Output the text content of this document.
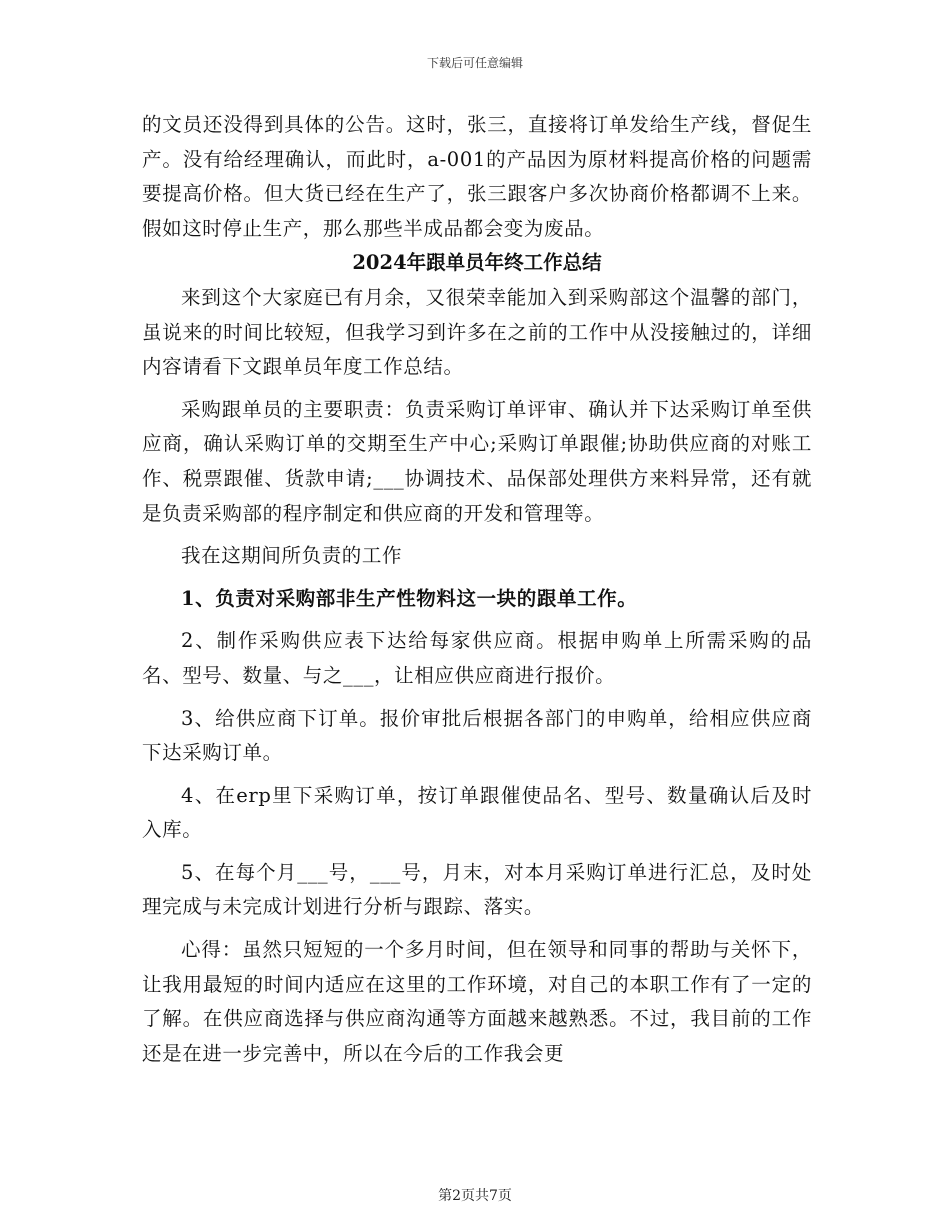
下载后可任意编辑

的文员还没得到具体的公告。这时，张三，直接将订单发给生产线，督促生产。没有给经理确认，而此时，a-001的产品因为原材料提高价格的问题需要提高价格。但大货已经在生产了，张三跟客户多次协商价格都调不上来。假如这时停止生产，那么那些半成品都会变为废品。

2024年跟单员年终工作总结

来到这个大家庭已有月余，又很荣幸能加入到采购部这个温馨的部门，虽说来的时间比较短，但我学习到许多在之前的工作中从没接触过的，详细内容请看下文跟单员年度工作总结。

采购跟单员的主要职责：负责采购订单评审、确认并下达采购订单至供应商，确认采购订单的交期至生产中心;采购订单跟催;协助供应商的对账工作、税票跟催、货款申请;___协调技术、品保部处理供方来料异常，还有就是负责采购部的程序制定和供应商的开发和管理等。

我在这期间所负责的工作

1、负责对采购部非生产性物料这一块的跟单工作。

2、制作采购供应表下达给每家供应商。根据申购单上所需采购的品名、型号、数量、与之___，让相应供应商进行报价。

3、给供应商下订单。报价审批后根据各部门的申购单，给相应供应商下达采购订单。

4、在erp里下采购订单，按订单跟催使品名、型号、数量确认后及时入库。

5、在每个月___号，___号，月末，对本月采购订单进行汇总，及时处理完成与未完成计划进行分析与跟踪、落实。

心得：虽然只短短的一个多月时间，但在领导和同事的帮助与关怀下，让我用最短的时间内适应在这里的工作环境，对自己的本职工作有了一定的了解。在供应商选择与供应商沟通等方面越来越熟悉。不过，我目前的工作还是在进一步完善中，所以在今后的工作我会更

第2页共7页
